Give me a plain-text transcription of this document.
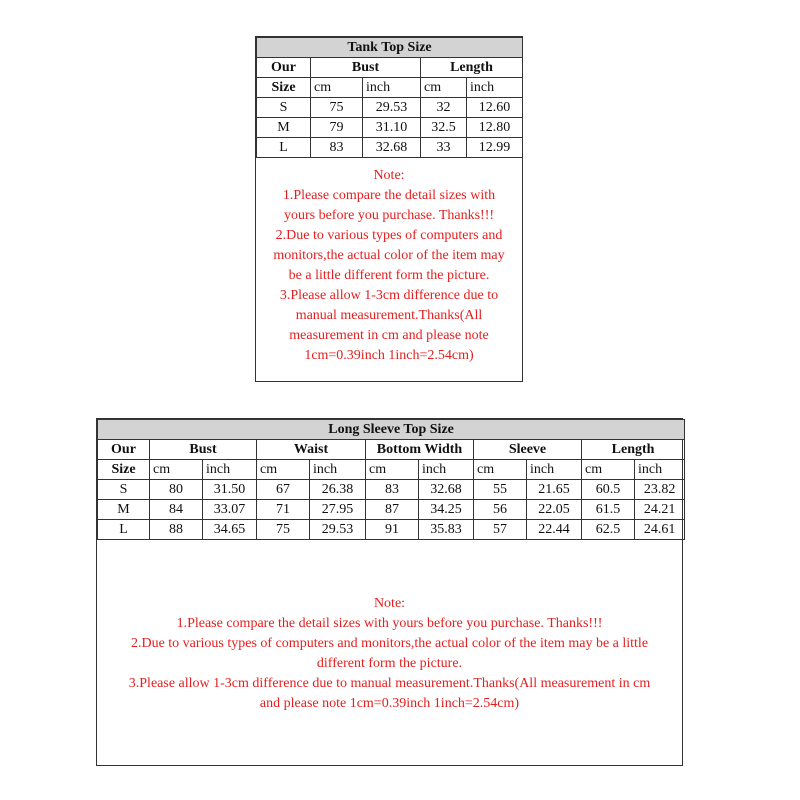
Tank Top Size				
Our	Bust		Length	
Size	cm	inch	cm	inch
S	75	29.53	32	12.60
M	79	31.10	32.5	12.80
L	83	32.68	33	12.99
Note:
1.Please compare the detail sizes with
yours before you purchase. Thanks!!!
2.Due to various types of computers and
monitors,the actual color of the item may
be a little different form the picture.
3.Please allow 1-3cm difference due to
manual measurement.Thanks(All
measurement in cm and please note
1cm=0.39inch 1inch=2.54cm)
Long Sleeve Top Size										
Our	Bust		Waist		Bottom Width		Sleeve		Length	
Size	cm	inch	cm	inch	cm	inch	cm	inch	cm	inch
S	80	31.50	67	26.38	83	32.68	55	21.65	60.5	23.82
M	84	33.07	71	27.95	87	34.25	56	22.05	61.5	24.21
L	88	34.65	75	29.53	91	35.83	57	22.44	62.5	24.61
Note:
1.Please compare the detail sizes with yours before you purchase. Thanks!!!
2.Due to various types of computers and monitors,the actual color of the item may be a little
different form the picture.
3.Please allow 1-3cm difference due to manual measurement.Thanks(All measurement in cm
and please note 1cm=0.39inch 1inch=2.54cm)
